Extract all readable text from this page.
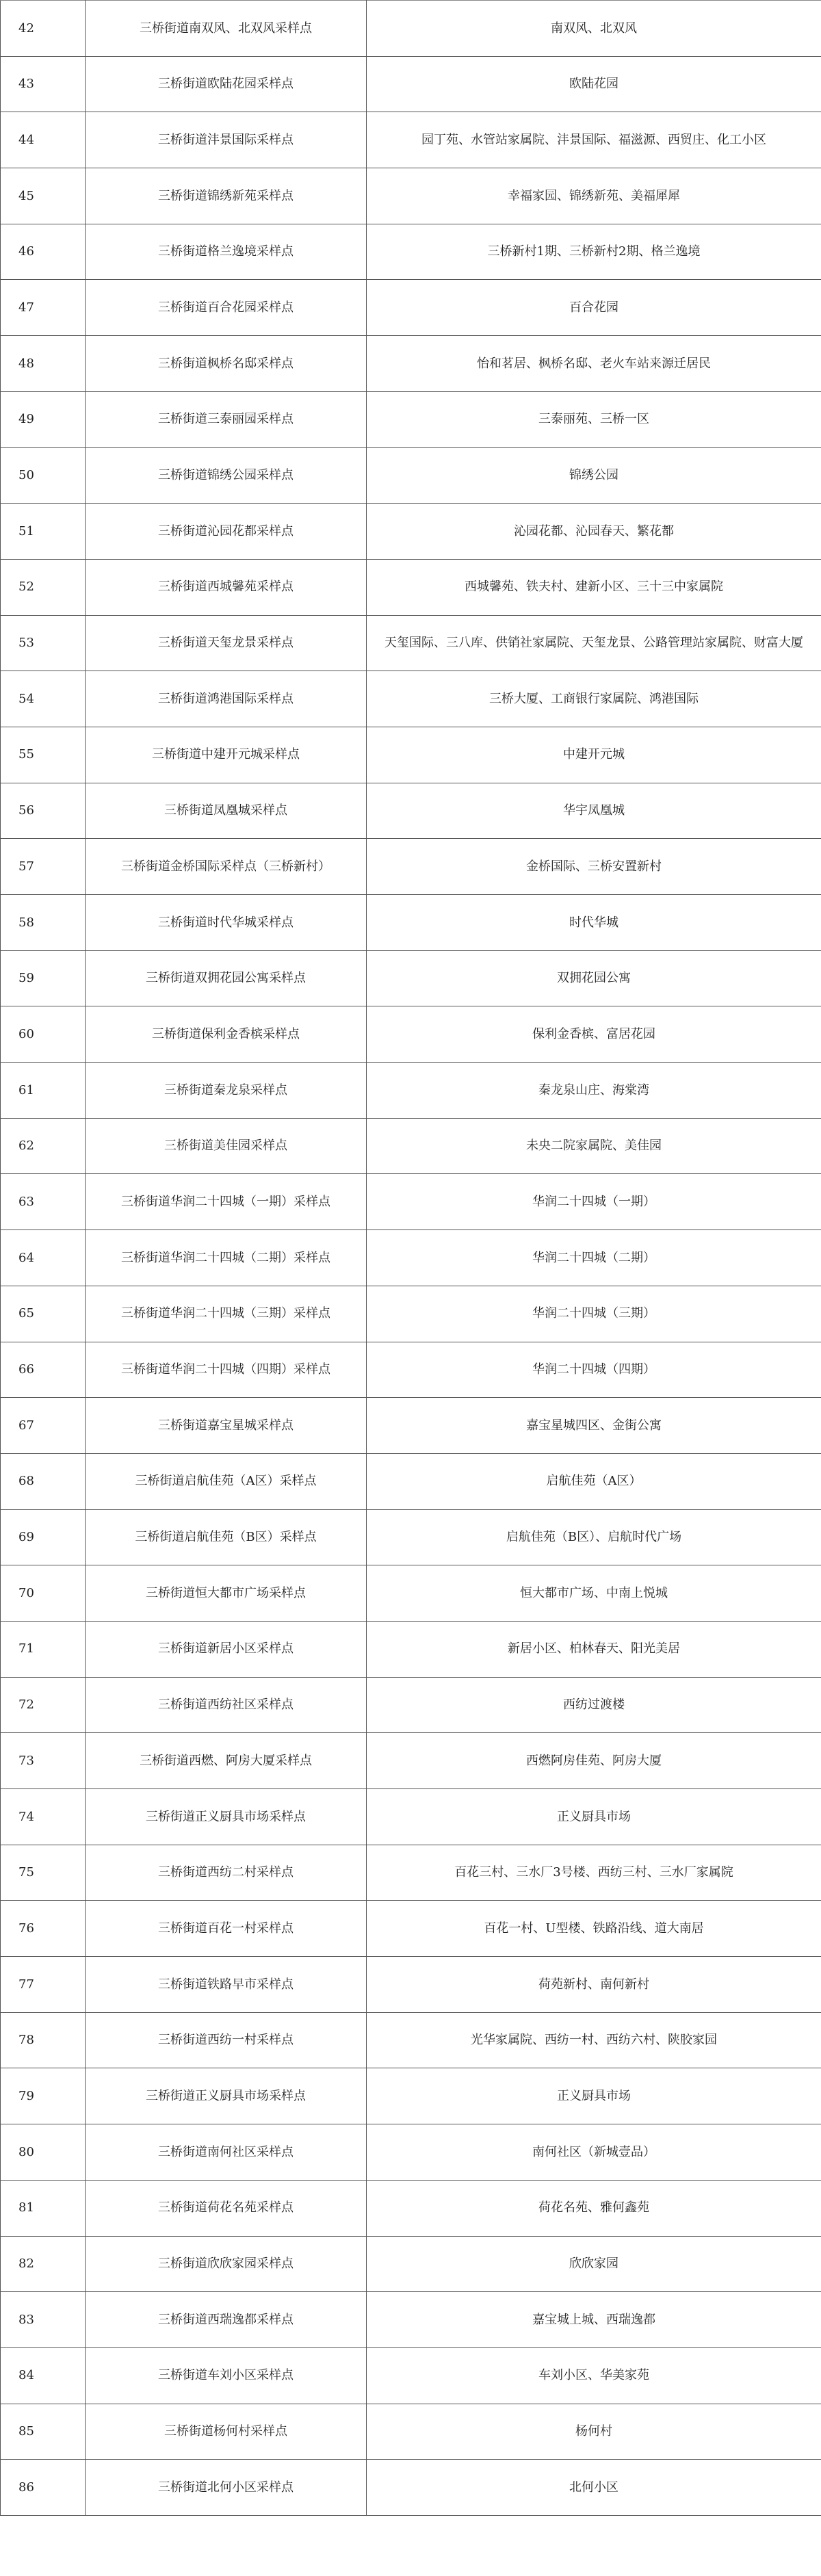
42	三桥街道南双风、北双风采样点	南双风、北双风
43	三桥街道欧陆花园采样点	欧陆花园
44	三桥街道沣景国际采样点	园丁苑、水管站家属院、沣景国际、福滋源、西贸庄、化工小区
45	三桥街道锦绣新苑采样点	幸福家园、锦绣新苑、美福犀犀
46	三桥街道格兰逸境采样点	三桥新村1期、三桥新村2期、格兰逸境
47	三桥街道百合花园采样点	百合花园
48	三桥街道枫桥名邸采样点	怡和茗居、枫桥名邸、老火车站来源迁居民
49	三桥街道三泰丽园采样点	三泰丽苑、三桥一区
50	三桥街道锦绣公园采样点	锦绣公园
51	三桥街道沁园花都采样点	沁园花都、沁园春天、繁花都
52	三桥街道西城馨苑采样点	西城馨苑、铁夫村、建新小区、三十三中家属院
53	三桥街道天玺龙景采样点	天玺国际、三八库、供销社家属院、天玺龙景、公路管理站家属院、财富大厦
54	三桥街道鸿港国际采样点	三桥大厦、工商银行家属院、鸿港国际
55	三桥街道中建开元城采样点	中建开元城
56	三桥街道凤凰城采样点	华宇凤凰城
57	三桥街道金桥国际采样点（三桥新村）	金桥国际、三桥安置新村
58	三桥街道时代华城采样点	时代华城
59	三桥街道双拥花园公寓采样点	双拥花园公寓
60	三桥街道保利金香槟采样点	保利金香槟、富居花园
61	三桥街道秦龙泉采样点	秦龙泉山庄、海棠湾
62	三桥街道美佳园采样点	未央二院家属院、美佳园
63	三桥街道华润二十四城（一期）采样点	华润二十四城（一期）
64	三桥街道华润二十四城（二期）采样点	华润二十四城（二期）
65	三桥街道华润二十四城（三期）采样点	华润二十四城（三期）
66	三桥街道华润二十四城（四期）采样点	华润二十四城（四期）
67	三桥街道嘉宝星城采样点	嘉宝星城四区、金街公寓
68	三桥街道启航佳苑（A区）采样点	启航佳苑（A区）
69	三桥街道启航佳苑（B区）采样点	启航佳苑（B区）、启航时代广场
70	三桥街道恒大都市广场采样点	恒大都市广场、中南上悦城
71	三桥街道新居小区采样点	新居小区、柏林春天、阳光美居
72	三桥街道西纺社区采样点	西纺过渡楼
73	三桥街道西燃、阿房大厦采样点	西燃阿房佳苑、阿房大厦
74	三桥街道正义厨具市场采样点	正义厨具市场
75	三桥街道西纺二村采样点	百花三村、三水厂3号楼、西纺三村、三水厂家属院
76	三桥街道百花一村采样点	百花一村、U型楼、铁路沿线、道大南居
77	三桥街道铁路早市采样点	荷苑新村、南何新村
78	三桥街道西纺一村采样点	光华家属院、西纺一村、西纺六村、陕胶家园
79	三桥街道正义厨具市场采样点	正义厨具市场
80	三桥街道南何社区采样点	南何社区（新城壹品）
81	三桥街道荷花名苑采样点	荷花名苑、雅何鑫苑
82	三桥街道欣欣家园采样点	欣欣家园
83	三桥街道西瑞逸都采样点	嘉宝城上城、西瑞逸都
84	三桥街道车刘小区采样点	车刘小区、华美家苑
85	三桥街道杨何村采样点	杨何村
86	三桥街道北何小区采样点	北何小区
